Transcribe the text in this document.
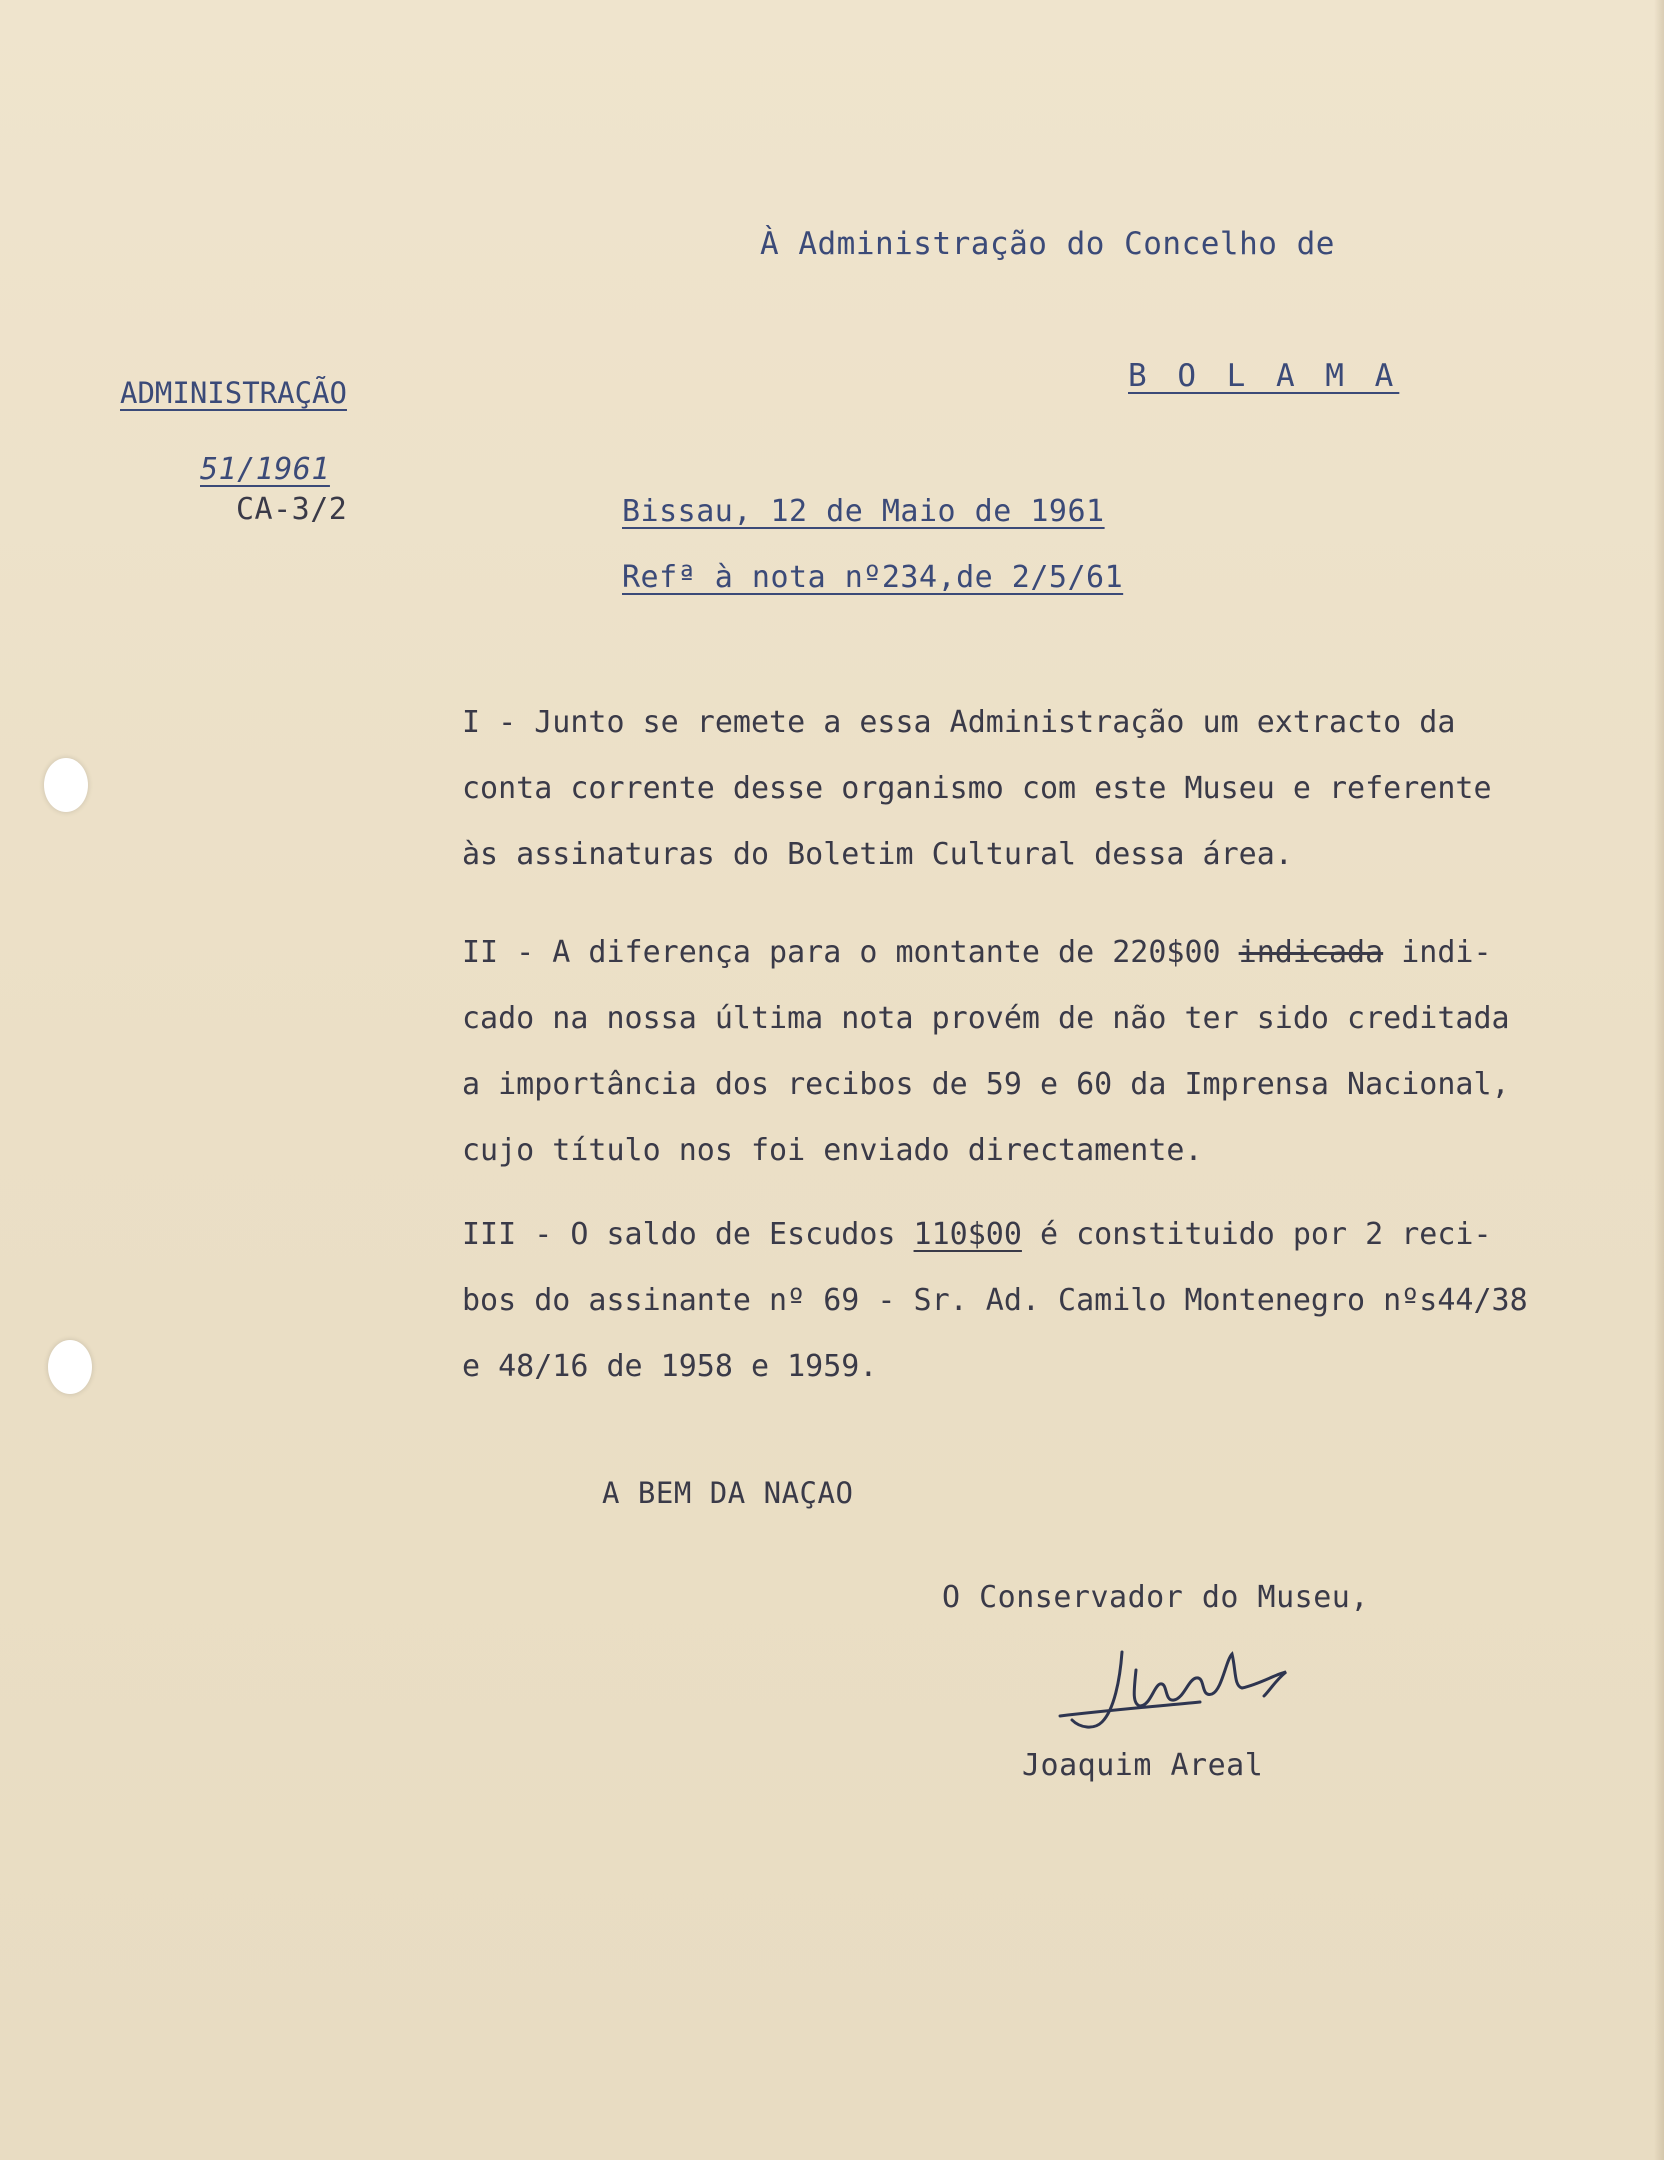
À Administração do Concelho de
B O L A M A
ADMINISTRAÇÃO
51/1961
CA-3/2	Bissau, 12 de Maio de 1961
Refª à nota nº234,de 2/5/61
I - Junto se remete a essa Administração um extracto da
conta corrente desse organismo com este Museu e referente
às assinaturas do Boletim Cultural dessa área.
II - A diferença para o montante de 220$00 indicada indi-
cado na nossa última nota provém de não ter sido creditada
a importância dos recibos de 59 e 60 da Imprensa Nacional,
cujo título nos foi enviado directamente.
III - O saldo de Escudos 110$00 é constituido por 2 reci-
bos do assinante nº 69 - Sr. Ad. Camilo Montenegro nºs44/38
e 48/16 de 1958 e 1959.
A BEM DA NAÇAO
O Conservador do Museu,
Joaquim Areal
